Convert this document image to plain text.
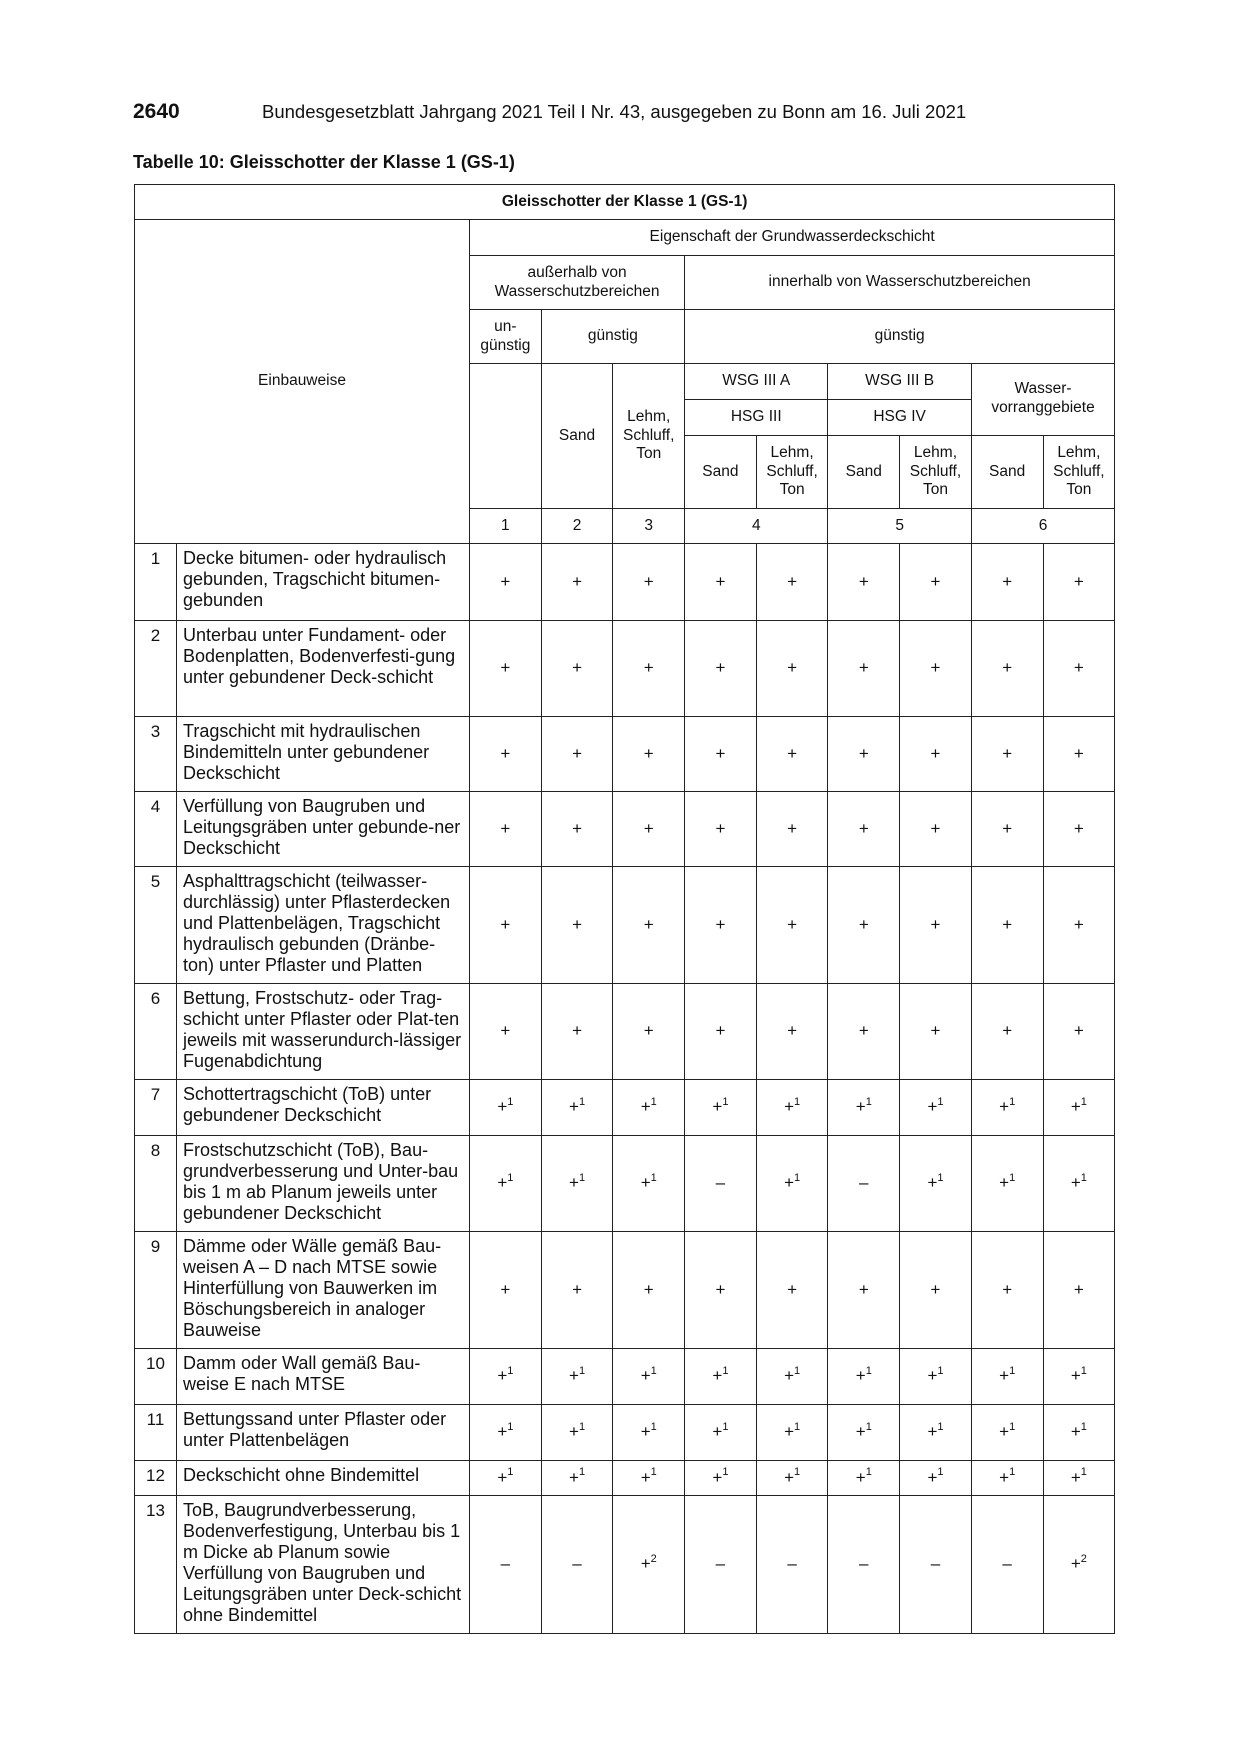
2640	Bundesgesetzblatt Jahrgang 2021 Teil I Nr. 43, ausgegeben zu Bonn am 16. Juli 2021
Tabelle 10: Gleisschotter der Klasse 1 (GS-1)
Gleisschotter der Klasse 1 (GS-1)										
Einbauweise		Eigenschaft der Grundwasserdeckschicht								
		außerhalb von Wasserschutzbereichen			innerhalb von Wasserschutzbereichen					
		un-günstig	günstig		günstig					
			Sand	Lehm, Schluff, Ton	WSG III A		WSG III B		Wasser-vorranggebiete	
					HSG III		HSG IV			
					Sand	Lehm, Schluff, Ton	Sand	Lehm, Schluff, Ton	Sand	Lehm, Schluff, Ton
		1	2	3	4		5		6	
1	Decke bitumen- oder hydraulisch gebunden, Tragschicht bitumen-gebunden	+	+	+	+	+	+	+	+	+
2	Unterbau unter Fundament- oder Bodenplatten, Bodenverfesti-gung unter gebundener Deck-schicht	+	+	+	+	+	+	+	+	+
3	Tragschicht mit hydraulischen Bindemitteln unter gebundener Deckschicht	+	+	+	+	+	+	+	+	+
4	Verfüllung von Baugruben und Leitungsgräben unter gebunde-ner Deckschicht	+	+	+	+	+	+	+	+	+
5	Asphalttragschicht (teilwasser-durchlässig) unter Pflasterdecken und Plattenbelägen, Tragschicht hydraulisch gebunden (Dränbe-ton) unter Pflaster und Platten	+	+	+	+	+	+	+	+	+
6	Bettung, Frostschutz- oder Trag-schicht unter Pflaster oder Plat-ten jeweils mit wasserundurch-lässiger Fugenabdichtung	+	+	+	+	+	+	+	+	+
7	Schottertragschicht (ToB) unter gebundener Deckschicht	+$^1$	+$^1$	+$^1$	+$^1$	+$^1$	+$^1$	+$^1$	+$^1$	+$^1$
8	Frostschutzschicht (ToB), Bau-grundverbesserung und Unter-bau bis 1 m ab Planum jeweils unter gebundener Deckschicht	+$^1$	+$^1$	+$^1$	–	+$^1$	–	+$^1$	+$^1$	+$^1$
9	Dämme oder Wälle gemäß Bau-weisen A – D nach MTSE sowie Hinterfüllung von Bauwerken im Böschungsbereich in analoger Bauweise	+	+	+	+	+	+	+	+	+
10	Damm oder Wall gemäß Bau-weise E nach MTSE	+$^1$	+$^1$	+$^1$	+$^1$	+$^1$	+$^1$	+$^1$	+$^1$	+$^1$
11	Bettungssand unter Pflaster oder unter Plattenbelägen	+$^1$	+$^1$	+$^1$	+$^1$	+$^1$	+$^1$	+$^1$	+$^1$	+$^1$
12	Deckschicht ohne Bindemittel	+$^1$	+$^1$	+$^1$	+$^1$	+$^1$	+$^1$	+$^1$	+$^1$	+$^1$
13	ToB, Baugrundverbesserung, Bodenverfestigung, Unterbau bis 1 m Dicke ab Planum sowie Verfüllung von Baugruben und Leitungsgräben unter Deck-schicht ohne Bindemittel	–	–	+$^2$	–	–	–	–	–	+$^2$
